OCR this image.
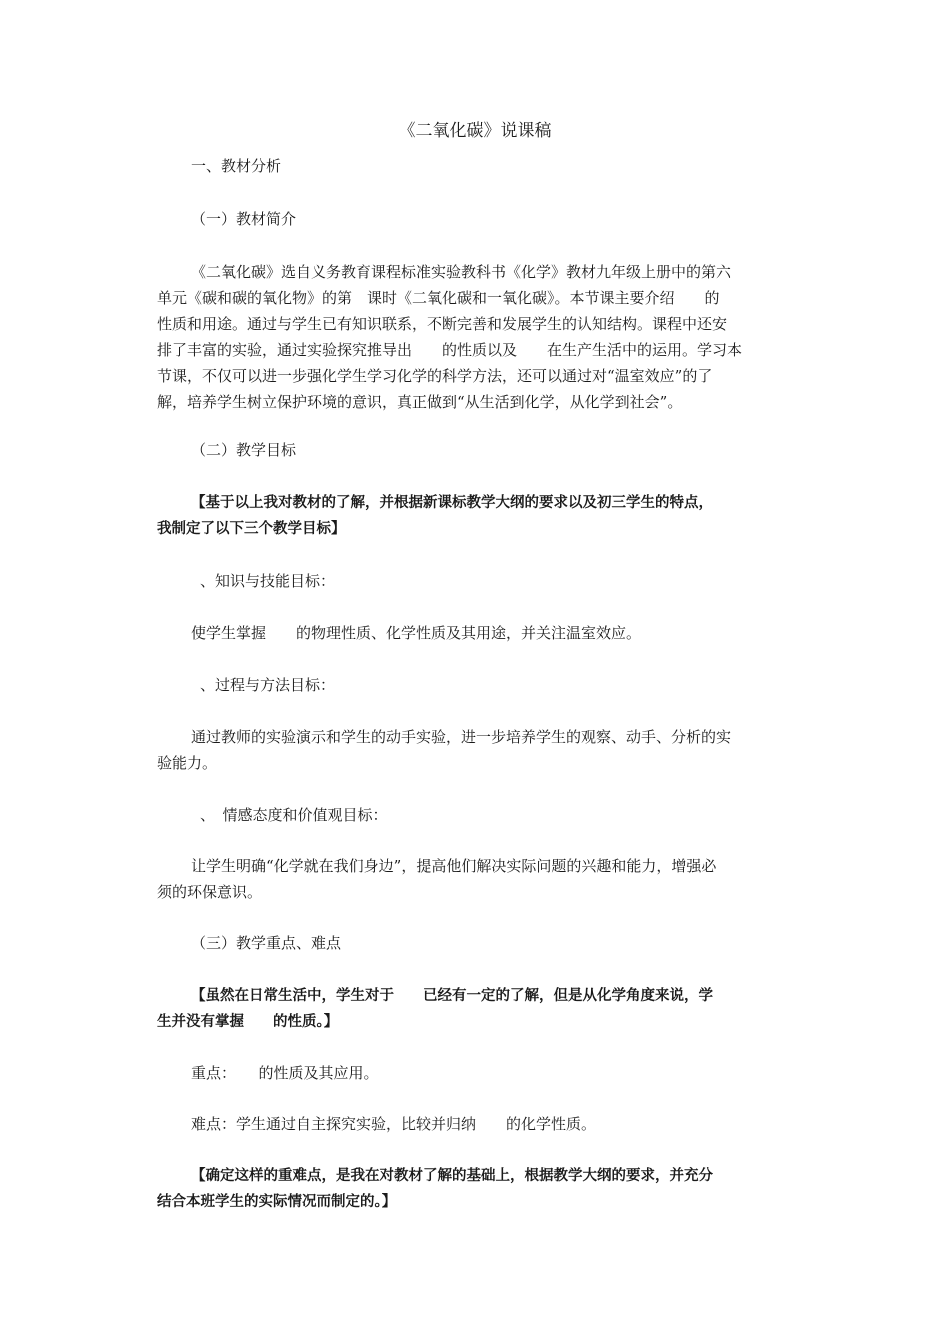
《二氧化碳》说课稿
一、教材分析
（一）教材简介

《二氧化碳》选自义务教育课程标准实验教科书《化学》教材九年级上册中的第六

单元《碳和碳的氧化物》的第　课时《二氧化碳和一氧化碳》。本节课主要介绍　　的

性质和用途。通过与学生已有知识联系，不断完善和发展学生的认知结构。课程中还安

排了丰富的实验，通过实验探究推导出　　的性质以及　　在生产生活中的运用。学习本

节课，不仅可以进一步强化学生学习化学的科学方法，还可以通过对“温室效应”的了

解，培养学生树立保护环境的意识，真正做到“从生活到化学，从化学到社会”。

（二）教学目标

【基于以上我对教材的了解，并根据新课标教学大纲的要求以及初三学生的特点，

我制定了以下三个教学目标】

、知识与技能目标：
使学生掌握　　的物理性质、化学性质及其用途，并关注温室效应。
、过程与方法目标：

通过教师的实验演示和学生的动手实验，进一步培养学生的观察、动手、分析的实

验能力。

、　情感态度和价值观目标：

让学生明确“化学就在我们身边”，提高他们解决实际问题的兴趣和能力，增强必

须的环保意识。

（三）教学重点、难点

【虽然在日常生活中，学生对于　　已经有一定的了解，但是从化学角度来说，学

生并没有掌握　　的性质。】

重点：　　的性质及其应用。
难点：学生通过自主探究实验，比较并归纳　　的化学性质。

【确定这样的重难点，是我在对教材了解的基础上，根据教学大纲的要求，并充分

结合本班学生的实际情况而制定的。】
